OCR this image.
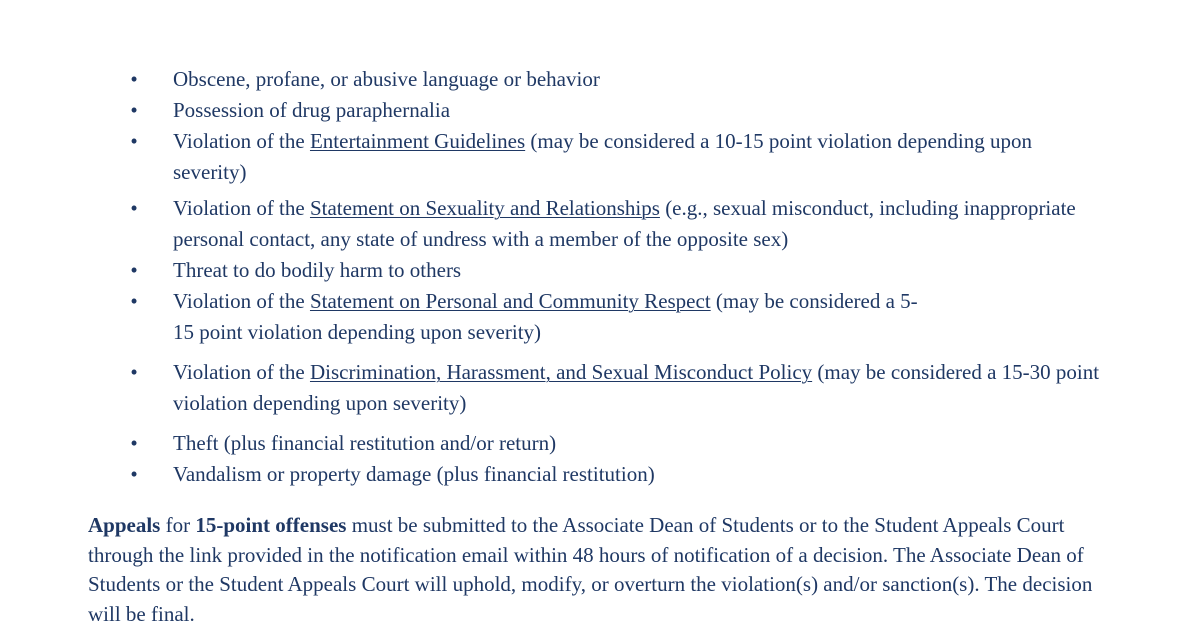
• Obscene, profane, or abusive language or behavior
• Possession of drug paraphernalia
• Violation of the Entertainment Guidelines (may be considered a 10-15 point violation depending upon severity)
• Violation of the Statement on Sexuality and Relationships (e.g., sexual misconduct, including inappropriate personal contact, any state of undress with a member of the opposite sex)
• Threat to do bodily harm to others
• Violation of the Statement on Personal and Community Respect (may be considered a 5-
15 point violation depending upon severity)
• Violation of the Discrimination, Harassment, and Sexual Misconduct Policy (may be considered a 15-30 point violation depending upon severity)
• Theft (plus financial restitution and/or return)
• Vandalism or property damage (plus financial restitution)

Appeals for 15-point offenses must be submitted to the Associate Dean of Students or to the Student Appeals Court through the link provided in the notification email within 48 hours of notification of a decision. The Associate Dean of Students or the Student Appeals Court will uphold, modify, or overturn the violation(s) and/or sanction(s). The decision will be final.
